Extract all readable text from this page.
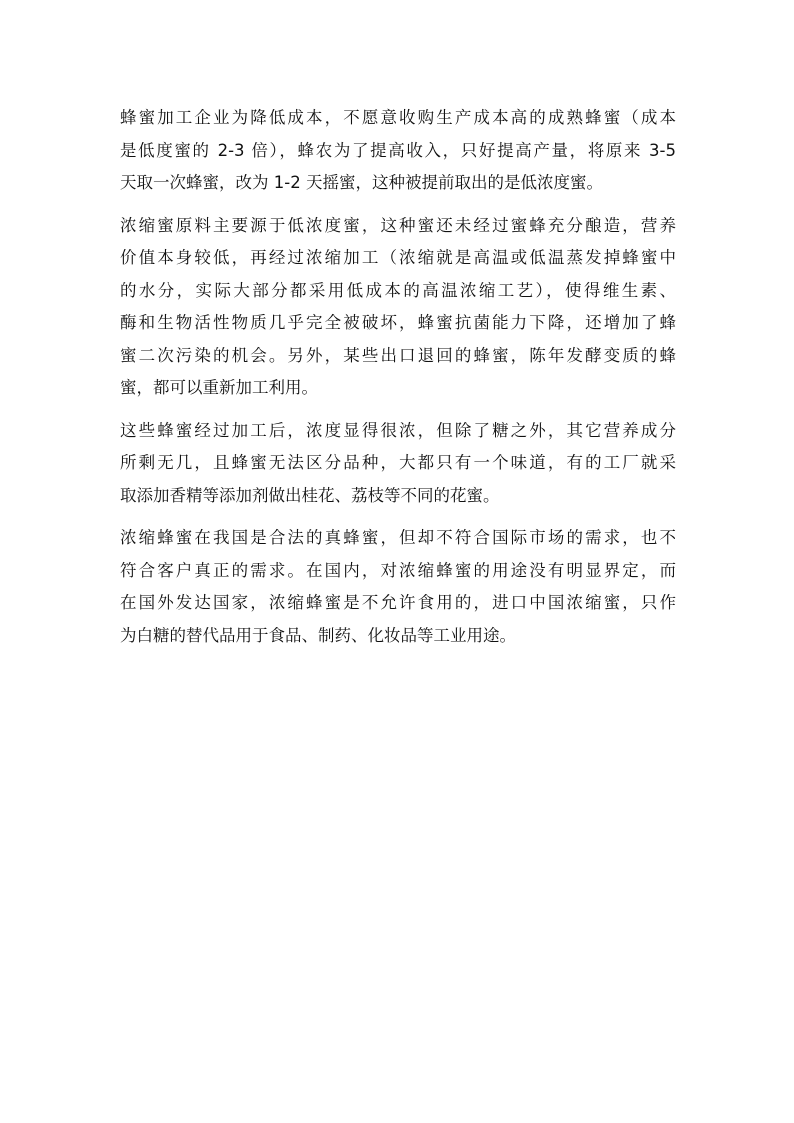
蜂蜜加工企业为降低成本，不愿意收购生产成本高的成熟蜂蜜（成本
是低度蜜的 2-3 倍），蜂农为了提高收入，只好提高产量，将原来 3-5
天取一次蜂蜜，改为 1-2 天摇蜜，这种被提前取出的是低浓度蜜。
浓缩蜜原料主要源于低浓度蜜，这种蜜还未经过蜜蜂充分酿造，营养
价值本身较低，再经过浓缩加工（浓缩就是高温或低温蒸发掉蜂蜜中
的水分，实际大部分都采用低成本的高温浓缩工艺），使得维生素、
酶和生物活性物质几乎完全被破坏，蜂蜜抗菌能力下降，还增加了蜂
蜜二次污染的机会。另外，某些出口退回的蜂蜜，陈年发酵变质的蜂
蜜，都可以重新加工利用。
这些蜂蜜经过加工后，浓度显得很浓，但除了糖之外，其它营养成分
所剩无几，且蜂蜜无法区分品种，大都只有一个味道，有的工厂就采
取添加香精等添加剂做出桂花、荔枝等不同的花蜜。
浓缩蜂蜜在我国是合法的真蜂蜜，但却不符合国际市场的需求，也不
符合客户真正的需求。在国内，对浓缩蜂蜜的用途没有明显界定，而
在国外发达国家，浓缩蜂蜜是不允许食用的，进口中国浓缩蜜，只作
为白糖的替代品用于食品、制药、化妆品等工业用途。
